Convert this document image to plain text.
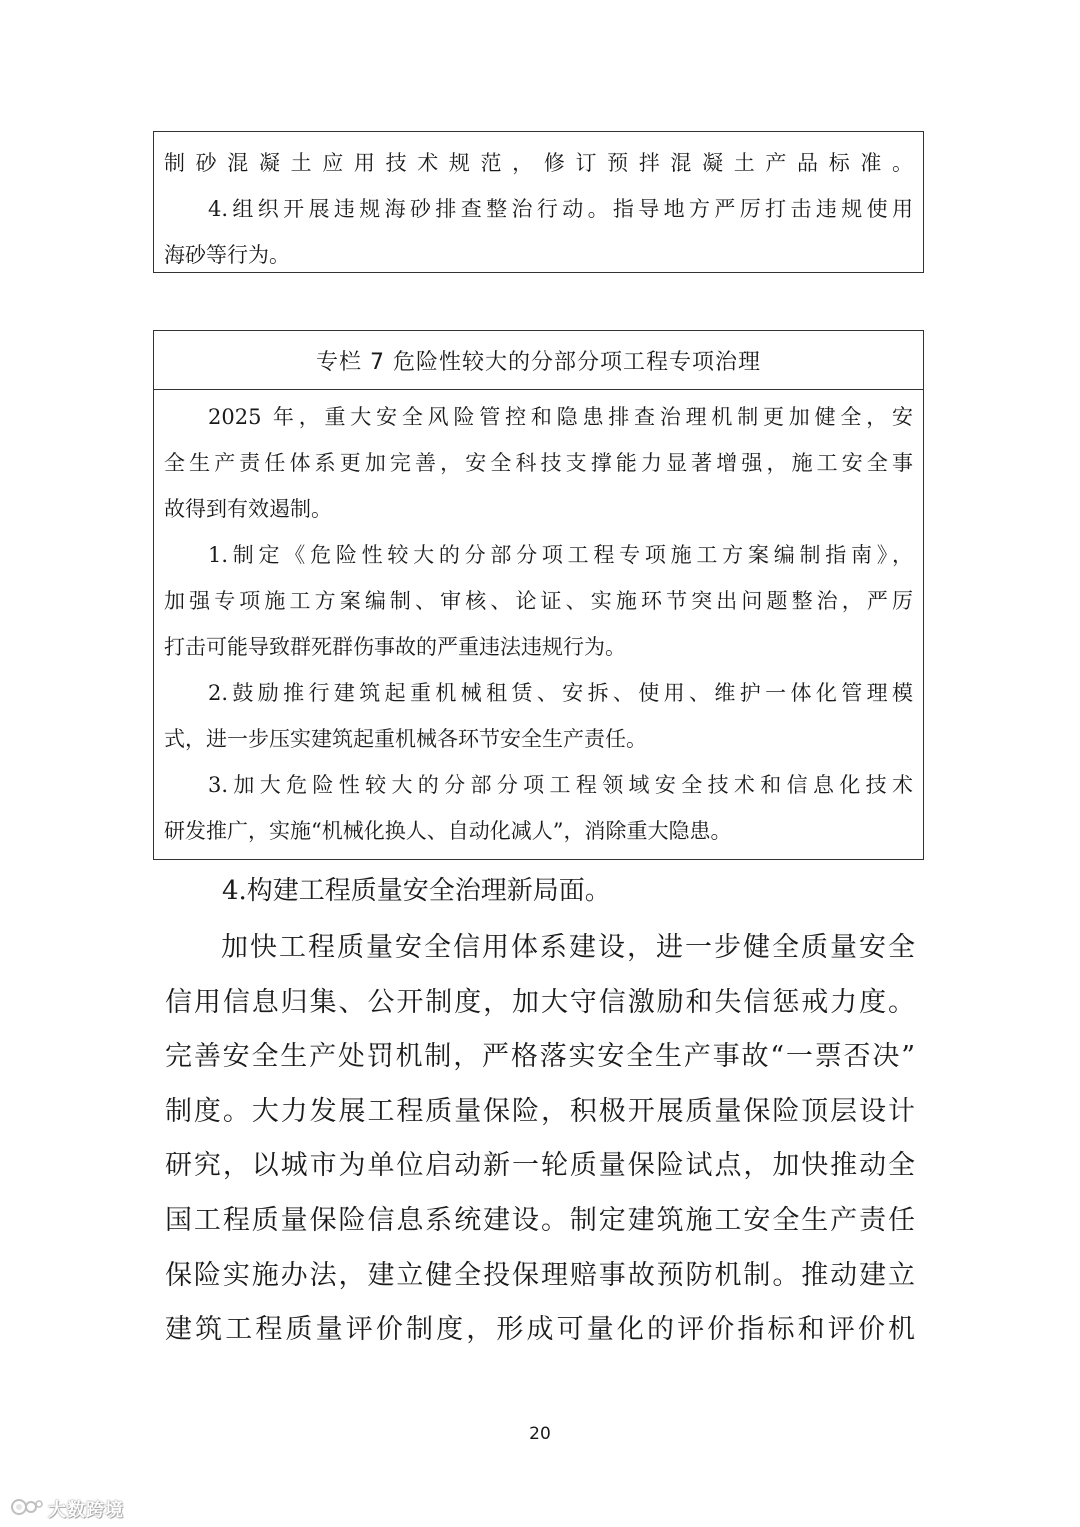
制砂混凝土应用技术规范，修订预拌混凝土产品标准。
4.组织开展违规海砂排查整治行动。指导地方严厉打击违规使用
海砂等行为。
专栏 7 危险性较大的分部分项工程专项治理
2025 年，重大安全风险管控和隐患排查治理机制更加健全，安
全生产责任体系更加完善，安全科技支撑能力显著增强，施工安全事
故得到有效遏制。
1.制定《危险性较大的分部分项工程专项施工方案编制指南》，
加强专项施工方案编制、审核、论证、实施环节突出问题整治，严厉
打击可能导致群死群伤事故的严重违法违规行为。
2.鼓励推行建筑起重机械租赁、安拆、使用、维护一体化管理模
式，进一步压实建筑起重机械各环节安全生产责任。
3.加大危险性较大的分部分项工程领域安全技术和信息化技术
研发推广，实施“机械化换人、自动化减人”，消除重大隐患。
4.构建工程质量安全治理新局面。
加快工程质量安全信用体系建设，进一步健全质量安全
信用信息归集、公开制度，加大守信激励和失信惩戒力度。
完善安全生产处罚机制，严格落实安全生产事故“一票否决”
制度。大力发展工程质量保险，积极开展质量保险顶层设计
研究，以城市为单位启动新一轮质量保险试点，加快推动全
国工程质量保险信息系统建设。制定建筑施工安全生产责任
保险实施办法，建立健全投保理赔事故预防机制。推动建立
建筑工程质量评价制度，形成可量化的评价指标和评价机
20
大数跨境
